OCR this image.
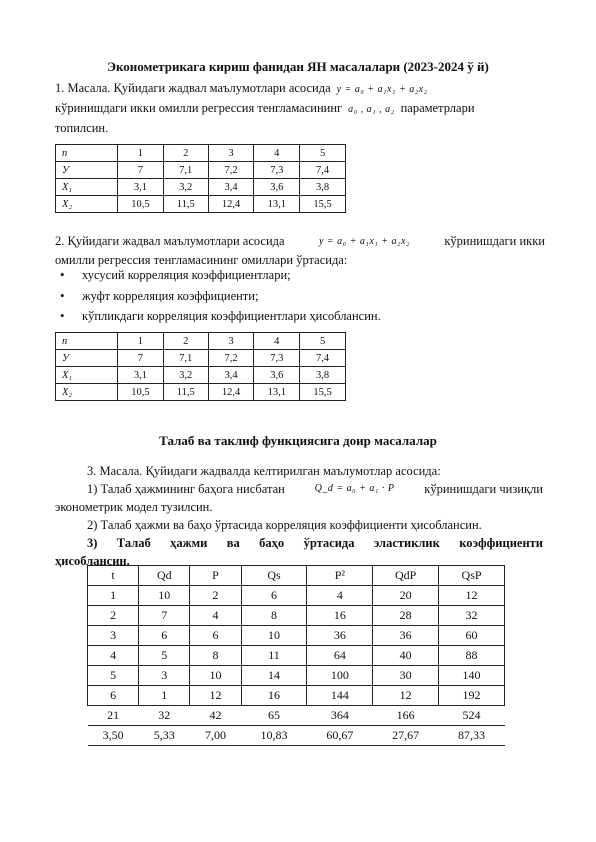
Эконометрикага кириш фанидан ЯН масалалари (2023-2024 ў й)
1. Масала. Қуйидаги жадвал маълумотлари асосида y = a₀ + a₁x₁ + a₂x₂
кўринишдаги икки омилли регрессия тенгламасининг a₀ , a₁ , a₂ параметрлари
топилсин.
n	1	2	3	4	5
У	7	7,1	7,2	7,3	7,4
X₁	3,1	3,2	3,4	3,6	3,8
X₂	10,5	11,5	12,4	13,1	15,5
2. Қуйидаги жадвал маълумотлари асосида	y = a₀ + a₁x₁ + a₂x₂	кўринишдаги икки
омилли регрессия тенгламасининг омиллари ўртасида:
• хусусий корреляция коэффициентлари;
• жуфт корреляция коэффициенти;
• кўпликдаги корреляция коэффициентлари ҳисоблансин.
n	1	2	3	4	5
У	7	7,1	7,2	7,3	7,4
X₁	3,1	3,2	3,4	3,6	3,8
X₂	10,5	11,5	12,4	13,1	15,5
Талаб ва таклиф функциясига доир масалалар
3. Масала. Қуйидаги жадвалда келтирилган маълумотлар асосида:
1) Талаб ҳажмининг баҳога нисбатан	Q_d = a₀ + a₁ · P кўринишдаги чизиқли
эконометрик модел тузилсин.
2) Талаб ҳажми ва баҳо ўртасида корреляция коэффициенти ҳисоблансин.
3) Талаб ҳажми ва баҳо ўртасида эластиклик коэффициенти
ҳисоблансин.
t	Qd	P	Qs	P²	QdP	QsP
1	10	2	6	4	20	12
2	7	4	8	16	28	32
3	6	6	10	36	36	60
4	5	8	11	64	40	88
5	3	10	14	100	30	140
6	1	12	16	144	12	192
21	32	42	65	364	166	524
3,50	5,33	7,00	10,83	60,67	27,67	87,33
